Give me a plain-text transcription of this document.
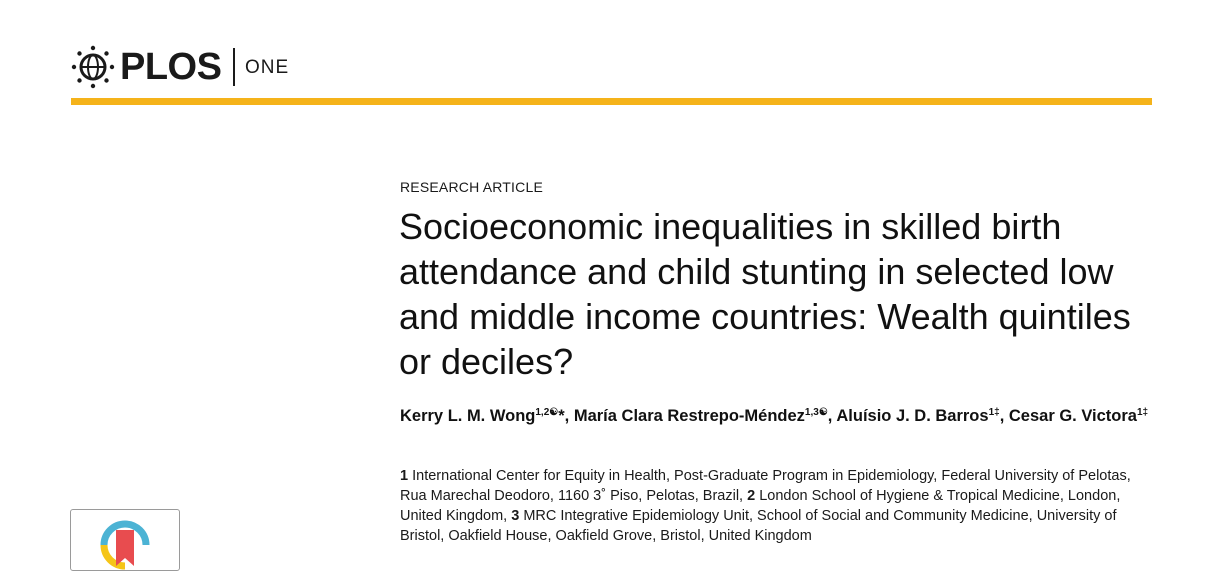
PLOS ONE
RESEARCH ARTICLE
Socioeconomic inequalities in skilled birth attendance and child stunting in selected low and middle income countries: Wealth quintiles or deciles?
Kerry L. M. Wong$^{1,2☯}$*, María Clara Restrepo-Méndez$^{1,3☯}$, Aluísio J. D. Barros$^{1\ddagger}$, Cesar G. Victora$^{1\ddagger}$
1 International Center for Equity in Health, Post-Graduate Program in Epidemiology, Federal University of Pelotas, Rua Marechal Deodoro, 1160 3˚ Piso, Pelotas, Brazil, 2 London School of Hygiene & Tropical Medicine, London, United Kingdom, 3 MRC Integrative Epidemiology Unit, School of Social and Community Medicine, University of Bristol, Oakfield House, Oakfield Grove, Bristol, United Kingdom
